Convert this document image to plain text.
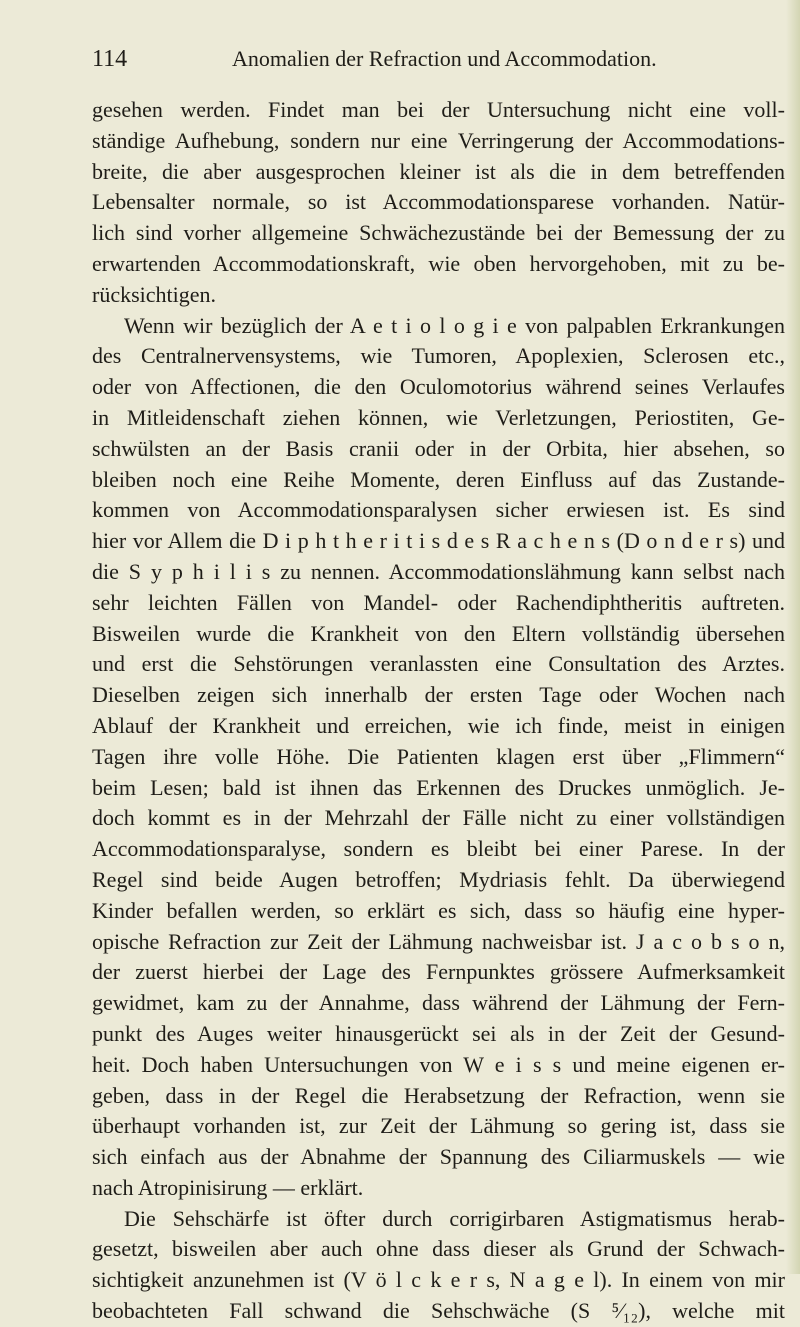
114	Anomalien der Refraction und Accommodation.
gesehen werden. Findet man bei der Untersuchung nicht eine voll-
ständige Aufhebung, sondern nur eine Verringerung der Accommodations-
breite, die aber ausgesprochen kleiner ist als die in dem betreffenden
Lebensalter normale, so ist Accommodationsparese vorhanden. Natür-
lich sind vorher allgemeine Schwächezustände bei der Bemessung der zu
erwartenden Accommodationskraft, wie oben hervorgehoben, mit zu be-
rücksichtigen.
Wenn wir bezüglich der A e t i o l o g i e von palpablen Erkrankungen
des Centralnervensystems, wie Tumoren, Apoplexien, Sclerosen etc.,
oder von Affectionen, die den Oculomotorius während seines Verlaufes
in Mitleidenschaft ziehen können, wie Verletzungen, Periostiten, Ge-
schwülsten an der Basis cranii oder in der Orbita, hier absehen, so
bleiben noch eine Reihe Momente, deren Einfluss auf das Zustande-
kommen von Accommodationsparalysen sicher erwiesen ist. Es sind
hier vor Allem die D i p h t h e r i t i s d e s R a c h e n s (D o n d e r s) und
die S y p h i l i s zu nennen. Accommodationslähmung kann selbst nach
sehr leichten Fällen von Mandel- oder Rachendiphtheritis auftreten.
Bisweilen wurde die Krankheit von den Eltern vollständig übersehen
und erst die Sehstörungen veranlassten eine Consultation des Arztes.
Dieselben zeigen sich innerhalb der ersten Tage oder Wochen nach
Ablauf der Krankheit und erreichen, wie ich finde, meist in einigen
Tagen ihre volle Höhe. Die Patienten klagen erst über „Flimmern“
beim Lesen; bald ist ihnen das Erkennen des Druckes unmöglich. Je-
doch kommt es in der Mehrzahl der Fälle nicht zu einer vollständigen
Accommodationsparalyse, sondern es bleibt bei einer Parese. In der
Regel sind beide Augen betroffen; Mydriasis fehlt. Da überwiegend
Kinder befallen werden, so erklärt es sich, dass so häufig eine hyper-
opische Refraction zur Zeit der Lähmung nachweisbar ist. J a c o b s o n,
der zuerst hierbei der Lage des Fernpunktes grössere Aufmerksamkeit
gewidmet, kam zu der Annahme, dass während der Lähmung der Fern-
punkt des Auges weiter hinausgerückt sei als in der Zeit der Gesund-
heit. Doch haben Untersuchungen von W e i s s und meine eigenen er-
geben, dass in der Regel die Herabsetzung der Refraction, wenn sie
überhaupt vorhanden ist, zur Zeit der Lähmung so gering ist, dass sie
sich einfach aus der Abnahme der Spannung des Ciliarmuskels — wie
nach Atropinisirung — erklärt.
Die Sehschärfe ist öfter durch corrigirbaren Astigmatismus herab-
gesetzt, bisweilen aber auch ohne dass dieser als Grund der Schwach-
sichtigkeit anzunehmen ist (V ö l c k e r s, N a g e l). In einem von mir
beobachteten Fall schwand die Sehschwäche (S ⁵⁄₁₂), welche mit
